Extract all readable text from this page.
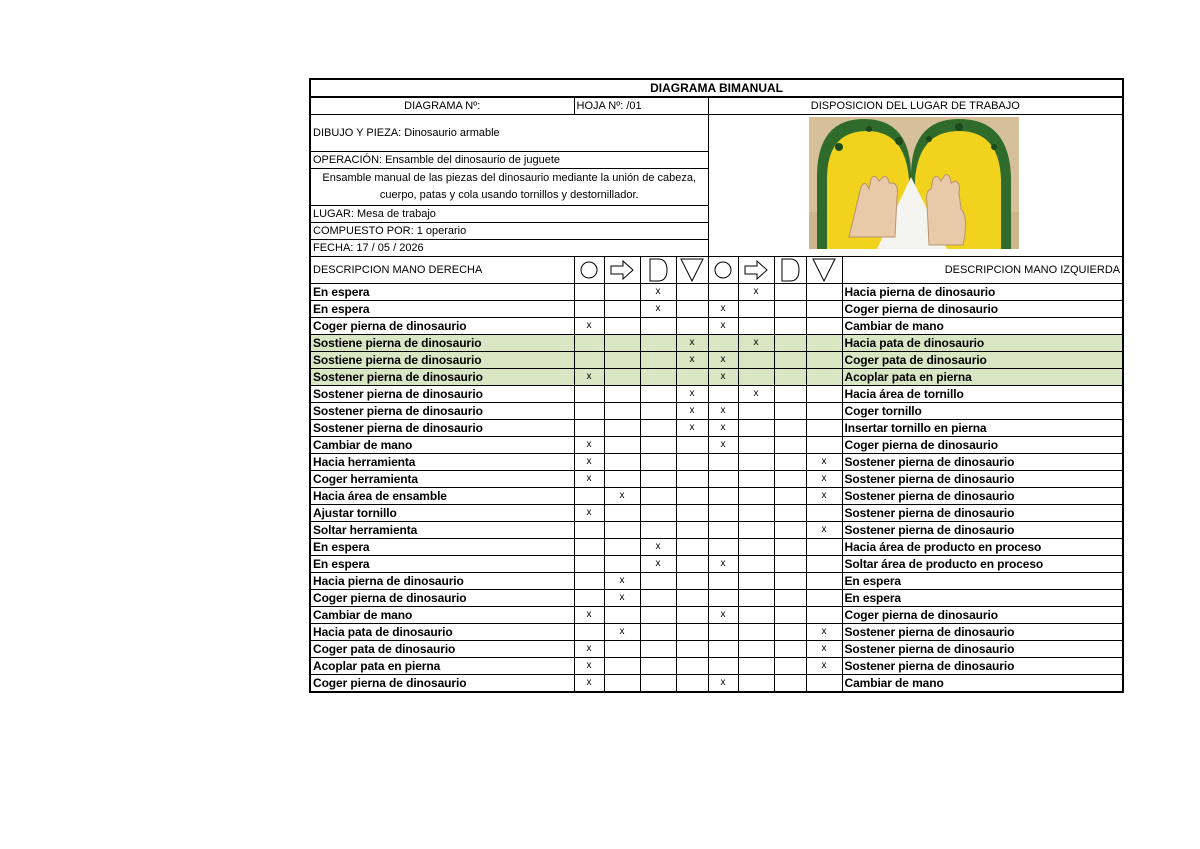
DIAGRAMA BIMANUAL									
DIAGRAMA Nº:	HOJA Nº: /01				DISPOSICION DEL LUGAR DE TRABAJO				
DIBUJO Y PIEZA: Dinosaurio armable	

OPERACIÓN: Ensamble del dinosaurio de juguete									
Ensamble manual de las piezas del dinosaurio mediante la unión de cabeza, cuerpo, patas y cola usando tornillos y destornillador.									
LUGAR: Mesa de trabajo									
COMPUESTO POR: 1 operario									
FECHA: 17 / 05 / 2026									
DESCRIPCION MANO DERECHA									DESCRIPCION MANO IZQUIERDA
En espera			x			x			Hacia pierna de dinosaurio
En espera			x		x				Coger pierna de dinosaurio
Coger pierna de dinosaurio	x				x				Cambiar de mano
Sostiene pierna de dinosaurio				x		x			Hacia pata de dinosaurio
Sostiene pierna de dinosaurio				x	x				Coger pata de dinosaurio
Sostener pierna de dinosaurio	x				x				Acoplar pata en pierna
Sostener pierna de dinosaurio				x		x			Hacia área de tornillo
Sostener pierna de dinosaurio				x	x				Coger tornillo
Sostener pierna de dinosaurio				x	x				Insertar tornillo en pierna
Cambiar de mano	x				x				Coger pierna de dinosaurio
Hacia herramienta	x							x	Sostener pierna de dinosaurio
Coger herramienta	x							x	Sostener pierna de dinosaurio
Hacia área de ensamble		x						x	Sostener pierna de dinosaurio
Ajustar tornillo	x								Sostener pierna de dinosaurio
Soltar herramienta								x	Sostener pierna de dinosaurio
En espera			x						Hacia área de producto en proceso
En espera			x		x				Soltar área de producto en proceso
Hacia pierna de dinosaurio		x							En espera
Coger pierna de dinosaurio		x							En espera
Cambiar de mano	x				x				Coger pierna de dinosaurio
Hacia pata de dinosaurio		x						x	Sostener pierna de dinosaurio
Coger pata de dinosaurio	x							x	Sostener pierna de dinosaurio
Acoplar pata en pierna	x							x	Sostener pierna de dinosaurio
Coger pierna de dinosaurio	x				x				Cambiar de mano
